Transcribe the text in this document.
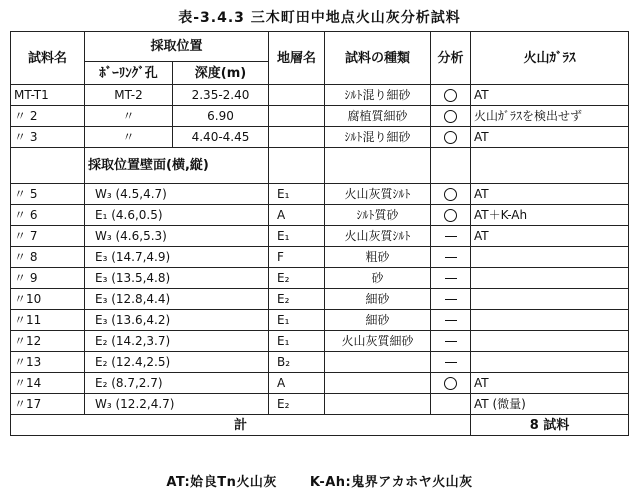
表-3.4.3 三木町田中地点火山灰分析試料
試料名	採取位置		地層名	試料の種類	分析	火山ｶﾞﾗｽ
	ﾎﾞｰﾘﾝｸﾞ孔	深度(m)				
MT-T1	MT-2	2.35-2.40		ｼﾙﾄ混り細砂		AT
〃 2	〃	6.90		腐植質細砂		火山ｶﾞﾗｽを検出せず
〃 3	〃	4.40-4.45		ｼﾙﾄ混り細砂		AT
	採取位置壁面(横,縦)					
〃 5	W₃ (4.5,4.7)		E₁	火山灰質ｼﾙﾄ		AT
〃 6	E₁ (4.6,0.5)		A	ｼﾙﾄ質砂		AT＋K-Ah
〃 7	W₃ (4.6,5.3)		E₁	火山灰質ｼﾙﾄ		AT
〃 8	E₃ (14.7,4.9)		F	粗砂		
〃 9	E₃ (13.5,4.8)		E₂	砂		
〃10	E₃ (12.8,4.4)		E₂	細砂		
〃11	E₃ (13.6,4.2)		E₁	細砂		
〃12	E₂ (14.2,3.7)		E₁	火山灰質細砂		
〃13	E₂ (12.4,2.5)		B₂			
〃14	E₂ (8.7,2.7)		A			AT
〃17	W₃ (12.2,4.7)		E₂			AT (微量)
計						8 試料
AT:姶良Tn火山灰	K-Ah:鬼界アカホヤ火山灰
